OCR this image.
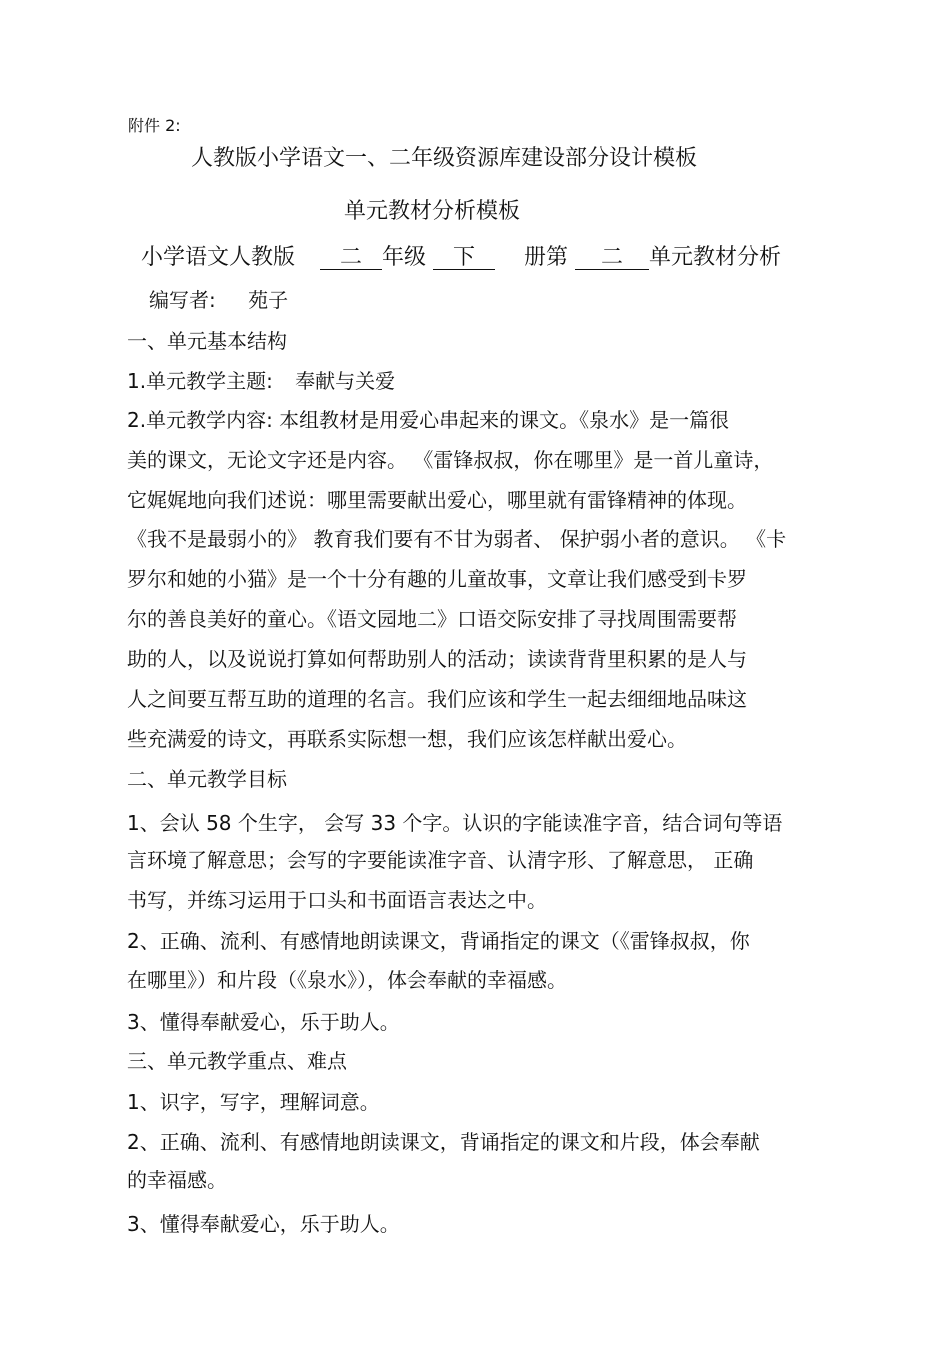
附件 2:
人教版小学语文一、二年级资源库建设部分设计模板
单元教材分析模板
小学语文人教版 二 年级 下 册第 二 单元教材分析
编写者: 苑子
一、单元基本结构
1.单元教学主题: 奉献与关爱
2.单元教学内容: 本组教材是用爱心串起来的课文。《泉水》是一篇很
美的课文，无论文字还是内容。 《雷锋叔叔，你在哪里》是一首儿童诗，
它娓娓地向我们述说：哪里需要献出爱心，哪里就有雷锋精神的体现。
《我不是最弱小的》 教育我们要有不甘为弱者、 保护弱小者的意识。 《卡
罗尔和她的小猫》是一个十分有趣的儿童故事，文章让我们感受到卡罗
尔的善良美好的童心。《语文园地二》口语交际安排了寻找周围需要帮
助的人，以及说说打算如何帮助别人的活动；读读背背里积累的是人与
人之间要互帮互助的道理的名言。我们应该和学生一起去细细地品味这
些充满爱的诗文，再联系实际想一想，我们应该怎样献出爱心。
二、单元教学目标
1、会认 58 个生字， 会写 33 个字。认识的字能读准字音，结合词句等语
言环境了解意思；会写的字要能读准字音、认清字形、了解意思， 正确
书写，并练习运用于口头和书面语言表达之中。
2、正确、流利、有感情地朗读课文，背诵指定的课文（《雷锋叔叔，你
在哪里》）和片段（《泉水》），体会奉献的幸福感。
3、懂得奉献爱心，乐于助人。
三、单元教学重点、难点
1、识字，写字，理解词意。
2、正确、流利、有感情地朗读课文，背诵指定的课文和片段，体会奉献
的幸福感。
3、懂得奉献爱心，乐于助人。
